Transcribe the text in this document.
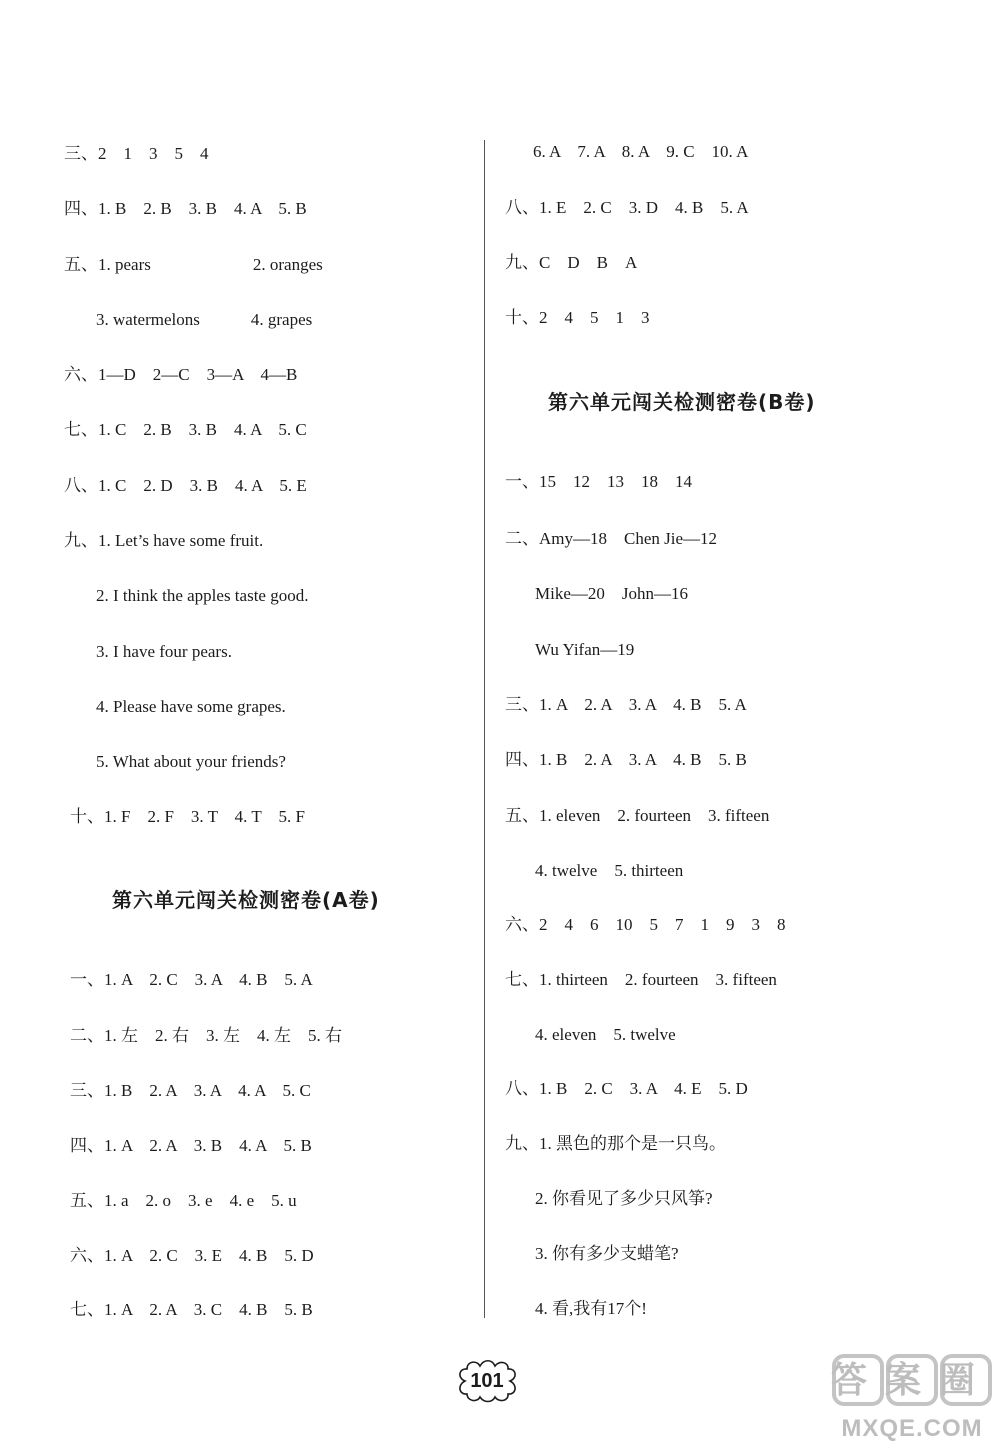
三、2　1　3　5　4
四、1. B　2. B　3. B　4. A　5. B
五、1. pears　　　　　　2. oranges
3. watermelons　　　4. grapes
六、1—D　2—C　3—A　4—B
七、1. C　2. B　3. B　4. A　5. C
八、1. C　2. D　3. B　4. A　5. E
九、1. Let’s have some fruit.
2. I think the apples taste good.
3. I have four pears.
4. Please have some grapes.
5. What about your friends?
十、1. F　2. F　3. T　4. T　5. F
第六单元闯关检测密卷(A卷)
一、1. A　2. C　3. A　4. B　5. A
二、1. 左　2. 右　3. 左　4. 左　5. 右
三、1. B　2. A　3. A　4. A　5. C
四、1. A　2. A　3. B　4. A　5. B
五、1. a　2. o　3. e　4. e　5. u
六、1. A　2. C　3. E　4. B　5. D
七、1. A　2. A　3. C　4. B　5. B
6. A　7. A　8. A　9. C　10. A
八、1. E　2. C　3. D　4. B　5. A
九、C　D　B　A
十、2　4　5　1　3
第六单元闯关检测密卷(B卷)
一、15　12　13　18　14
二、Amy—18　Chen Jie—12
Mike—20　John—16
Wu Yifan—19
三、1. A　2. A　3. A　4. B　5. A
四、1. B　2. A　3. A　4. B　5. B
五、1. eleven　2. fourteen　3. fifteen
4. twelve　5. thirteen
六、2　4　6　10　5　7　1　9　3　8
七、1. thirteen　2. fourteen　3. fifteen
4. eleven　5. twelve
八、1. B　2. C　3. A　4. E　5. D
九、1. 黑色的那个是一只鸟。
2. 你看见了多少只风筝?
3. 你有多少支蜡笔?
4. 看,我有17个!
101	答案圈
MXQE.COM
